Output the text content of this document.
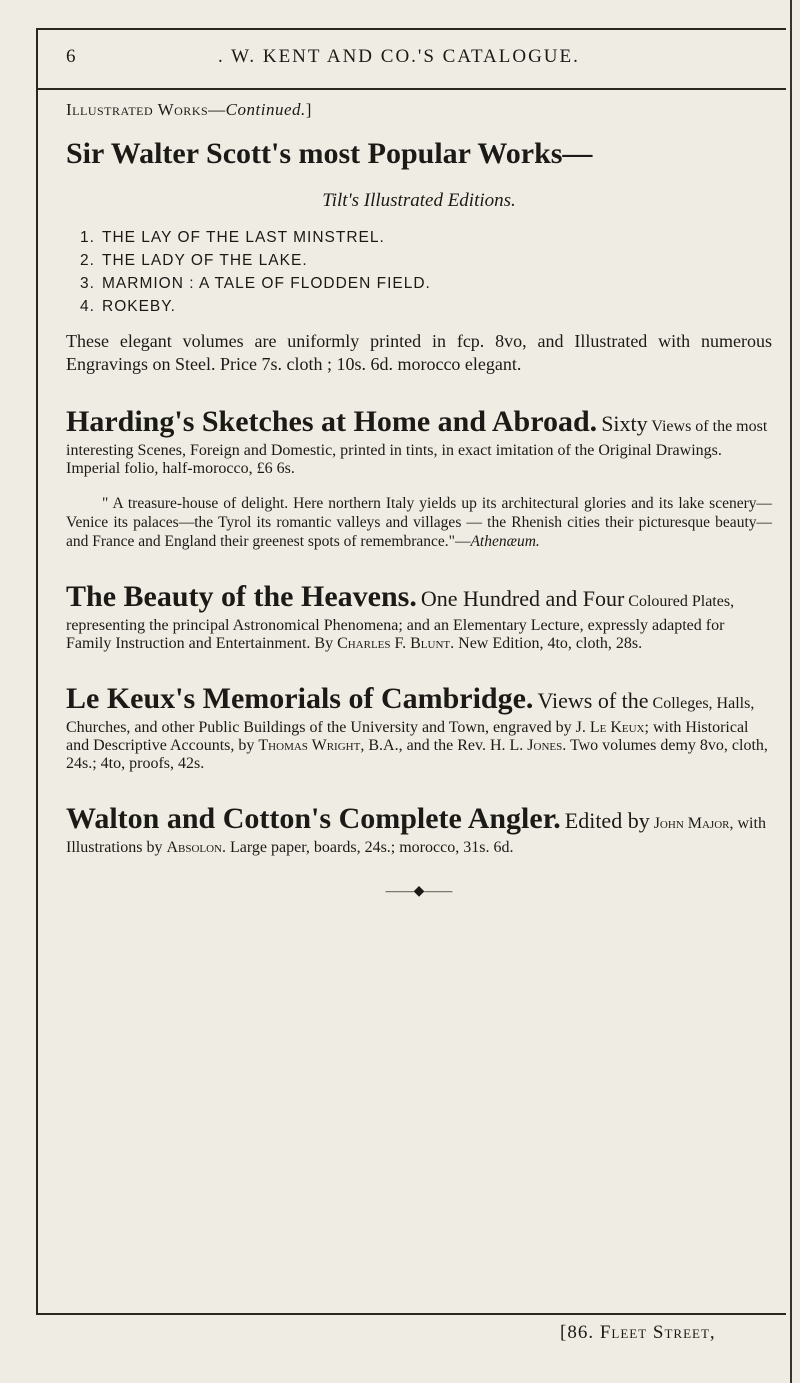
6	. W. KENT AND CO.'S CATALOGUE.
Illustrated Works—Continued.]
Sir Walter Scott's most Popular Works—
Tilt's Illustrated Editions.
1. THE LAY OF THE LAST MINSTREL.
2. THE LADY OF THE LAKE.
3. MARMION : A TALE OF FLODDEN FIELD.
4. ROKEBY.

These elegant volumes are uniformly printed in fcp. 8vo, and Illustrated with numerous Engravings on Steel. Price 7s. cloth ; 10s. 6d. morocco elegant.

Harding's Sketches at Home and Abroad. Sixty Views of the most interesting Scenes, Foreign and Domestic, printed in tints, in exact imitation of the Original Drawings. Imperial folio, half-morocco, £6 6s.

" A treasure-house of delight. Here northern Italy yields up its architectural glories and its lake scenery—Venice its palaces—the Tyrol its romantic valleys and villages — the Rhenish cities their picturesque beauty—and France and England their greenest spots of remembrance."—Athenæum.

The Beauty of the Heavens. One Hundred and Four Coloured Plates, representing the principal Astronomical Phenomena; and an Elementary Lecture, expressly adapted for Family Instruction and Entertainment. By Charles F. Blunt. New Edition, 4to, cloth, 28s.

Le Keux's Memorials of Cambridge. Views of the Colleges, Halls, Churches, and other Public Buildings of the University and Town, engraved by J. Le Keux; with Historical and Descriptive Accounts, by Thomas Wright, B.A., and the Rev. H. L. Jones. Two volumes demy 8vo, cloth, 24s.; 4to, proofs, 42s.

Walton and Cotton's Complete Angler. Edited by John Major, with Illustrations by Absolon. Large paper, boards, 24s.; morocco, 31s. 6d.

——◆——
[86. Fleet Street,
